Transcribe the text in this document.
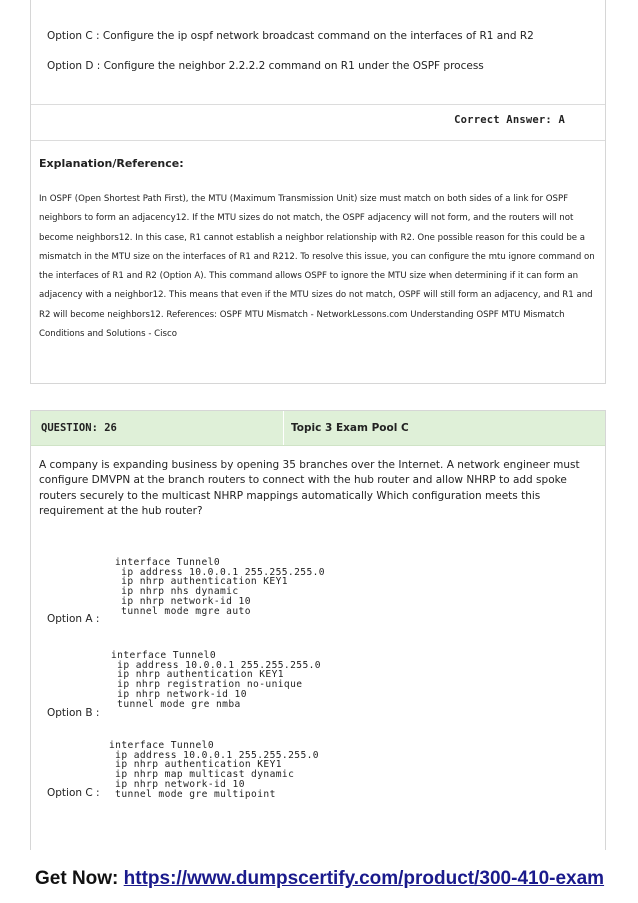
Option C : Configure the ip ospf network broadcast command on the interfaces of R1 and R2
Option D : Configure the neighbor 2.2.2.2 command on R1 under the OSPF process
Correct Answer: A
Explanation/Reference:
In OSPF (Open Shortest Path First), the MTU (Maximum Transmission Unit) size must match on both sides of a link for OSPF neighbors to form an adjacency12. If the MTU sizes do not match, the OSPF adjacency will not form, and the routers will not become neighbors12. In this case, R1 cannot establish a neighbor relationship with R2. One possible reason for this could be a mismatch in the MTU size on the interfaces of R1 and R212. To resolve this issue, you can configure the mtu ignore command on the interfaces of R1 and R2 (Option A). This command allows OSPF to ignore the MTU size when determining if it can form an adjacency with a neighbor12. This means that even if the MTU sizes do not match, OSPF will still form an adjacency, and R1 and R2 will become neighbors12. References: OSPF MTU Mismatch - NetworkLessons.com Understanding OSPF MTU Mismatch Conditions and Solutions - Cisco
QUESTION: 26	Topic 3 Exam Pool C
A company is expanding business by opening 35 branches over the Internet. A network engineer must configure DMVPN at the branch routers to connect with the hub router and allow NHRP to add spoke routers securely to the multicast NHRP mappings automatically Which configuration meets this requirement at the hub router?
interface Tunnel0
ip address 10.0.0.1 255.255.255.0
ip nhrp authentication KEY1
ip nhrp nhs dynamic
ip nhrp network-id 10
tunnel mode mgre auto
Option A :
interface Tunnel0
ip address 10.0.0.1 255.255.255.0
ip nhrp authentication KEY1
ip nhrp registration no-unique
ip nhrp network-id 10
tunnel mode gre nmba
Option B :
interface Tunnel0
ip address 10.0.0.1 255.255.255.0
ip nhrp authentication KEY1
ip nhrp map multicast dynamic
ip nhrp network-id 10
tunnel mode gre multipoint
Option C :
Get Now: https://www.dumpscertify.com/product/300-410-exam
